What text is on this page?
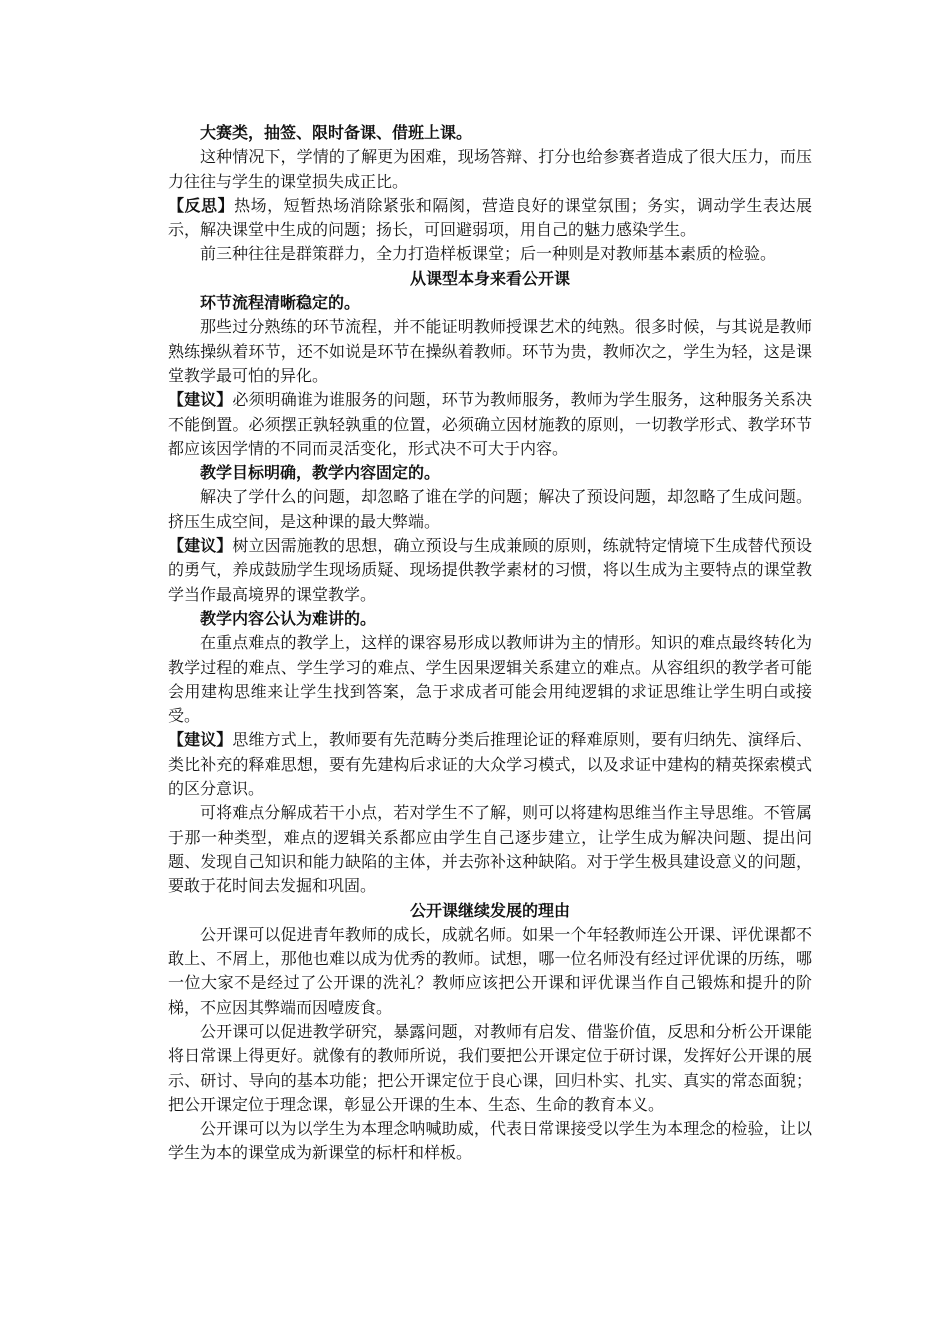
大赛类，抽签、限时备课、借班上课。

这种情况下，学情的了解更为困难，现场答辩、打分也给参赛者造成了很大压力，而压力往往与学生的课堂损失成正比。

【反思】热场，短暂热场消除紧张和隔阂，营造良好的课堂氛围；务实，调动学生表达展示，解决课堂中生成的问题；扬长，可回避弱项，用自己的魅力感染学生。

前三种往往是群策群力，全力打造样板课堂；后一种则是对教师基本素质的检验。

从课型本身来看公开课

环节流程清晰稳定的。

那些过分熟练的环节流程，并不能证明教师授课艺术的纯熟。很多时候，与其说是教师熟练操纵着环节，还不如说是环节在操纵着教师。环节为贵，教师次之，学生为轻，这是课堂教学最可怕的异化。

【建议】必须明确谁为谁服务的问题，环节为教师服务，教师为学生服务，这种服务关系决不能倒置。必须摆正孰轻孰重的位置，必须确立因材施教的原则，一切教学形式、教学环节都应该因学情的不同而灵活变化，形式决不可大于内容。

教学目标明确，教学内容固定的。

解决了学什么的问题，却忽略了谁在学的问题；解决了预设问题，却忽略了生成问题。挤压生成空间，是这种课的最大弊端。

【建议】树立因需施教的思想，确立预设与生成兼顾的原则，练就特定情境下生成替代预设的勇气，养成鼓励学生现场质疑、现场提供教学素材的习惯，将以生成为主要特点的课堂教学当作最高境界的课堂教学。

教学内容公认为难讲的。

在重点难点的教学上，这样的课容易形成以教师讲为主的情形。知识的难点最终转化为教学过程的难点、学生学习的难点、学生因果逻辑关系建立的难点。从容组织的教学者可能会用建构思维来让学生找到答案，急于求成者可能会用纯逻辑的求证思维让学生明白或接受。

【建议】思维方式上，教师要有先范畴分类后推理论证的释难原则，要有归纳先、演绎后、类比补充的释难思想，要有先建构后求证的大众学习模式，以及求证中建构的精英探索模式的区分意识。

可将难点分解成若干小点，若对学生不了解，则可以将建构思维当作主导思维。不管属于那一种类型，难点的逻辑关系都应由学生自己逐步建立，让学生成为解决问题、提出问题、发现自己知识和能力缺陷的主体，并去弥补这种缺陷。对于学生极具建设意义的问题，要敢于花时间去发掘和巩固。

公开课继续发展的理由

公开课可以促进青年教师的成长，成就名师。如果一个年轻教师连公开课、评优课都不敢上、不屑上，那他也难以成为优秀的教师。试想，哪一位名师没有经过评优课的历练，哪一位大家不是经过了公开课的洗礼？教师应该把公开课和评优课当作自己锻炼和提升的阶梯，不应因其弊端而因噎废食。

公开课可以促进教学研究，暴露问题，对教师有启发、借鉴价值，反思和分析公开课能将日常课上得更好。就像有的教师所说，我们要把公开课定位于研讨课，发挥好公开课的展示、研讨、导向的基本功能；把公开课定位于良心课，回归朴实、扎实、真实的常态面貌；把公开课定位于理念课，彰显公开课的生本、生态、生命的教育本义。

公开课可以为以学生为本理念呐喊助威，代表日常课接受以学生为本理念的检验，让以学生为本的课堂成为新课堂的标杆和样板。
